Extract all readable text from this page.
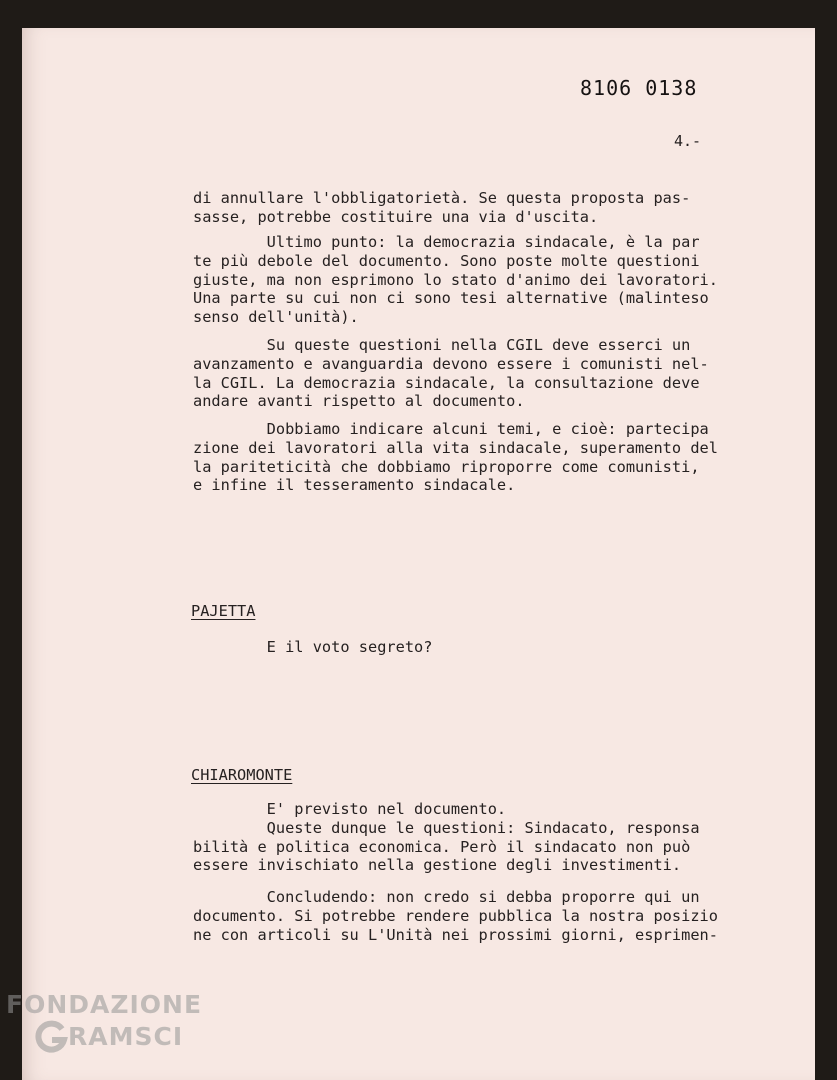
8106 0138
4.-

di annullare l'obbligatorietà. Se questa proposta pas-
sasse, potrebbe costituire una via d'uscita.

Ultimo punto: la democrazia sindacale, è la par
te più debole del documento. Sono poste molte questioni
giuste, ma non esprimono lo stato d'animo dei lavoratori.
Una parte su cui non ci sono tesi alternative (malinteso
senso dell'unità).

Su queste questioni nella CGIL deve esserci un
avanzamento e avanguardia devono essere i comunisti nel-
la CGIL. La democrazia sindacale, la consultazione deve
andare avanti rispetto al documento.

Dobbiamo indicare alcuni temi, e cioè: partecipa
zione dei lavoratori alla vita sindacale, superamento del
la pariteticità che dobbiamo riproporre come comunisti,
e infine il tesseramento sindacale.

PAJETTA

E il voto segreto?

CHIAROMONTE

E' previsto nel documento.
Queste dunque le questioni: Sindacato, responsa
bilità e politica economica. Però il sindacato non può
essere invischiato nella gestione degli investimenti.

Concludendo: non credo si debba proporre qui un
documento. Si potrebbe rendere pubblica la nostra posizio
ne con articoli su L'Unità nei prossimi giorni, esprimen-

FONDAZIONE
RAMSCI
